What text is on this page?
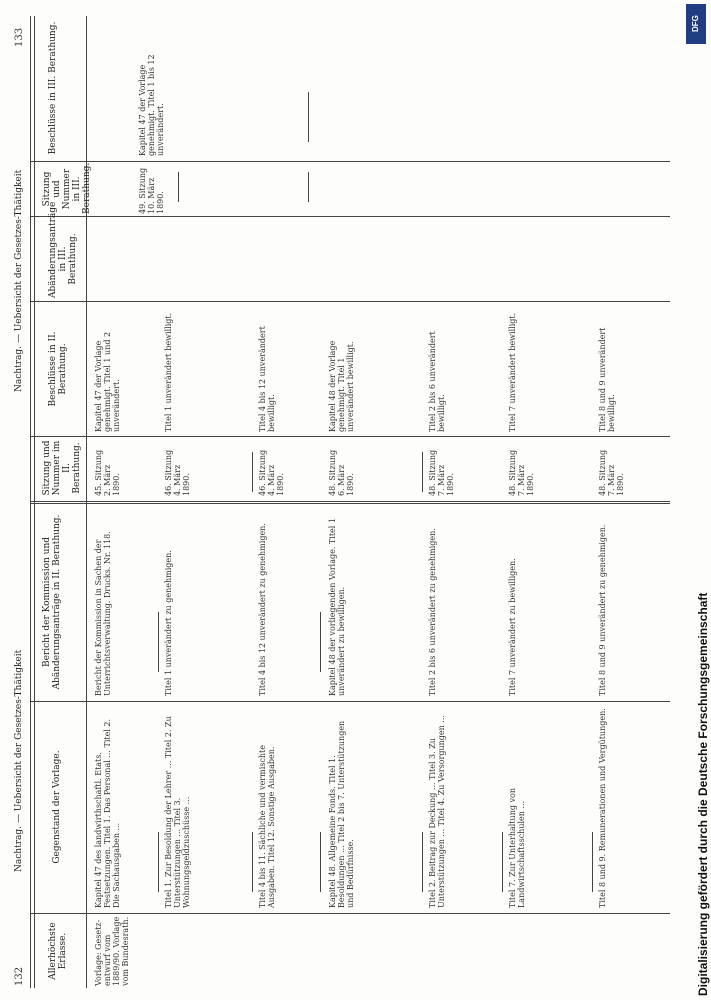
132
133
Nachtrag. — Uebersicht der Gesetzes-Thätigkeit
Nachtrag. — Uebersicht der Gesetzes-Thätigkeit
Allerhöchste Erlasse.
Gegenstand der Vorlage.
Bericht der Kommission und Abänderungsanträge in II. Berathung.
Sitzung und Nummer im II. Berathung.
Beschlüsse in II. Berathung.
Abänderungsanträge in III. Berathung.
Sitzung und Nummer in III. Berathung.
Beschlüsse in III. Berathung.
Vorlage: Gesetzentwurf vom 1889/90. Vorlage vom Bundesrath.
Kapitel 47 des landwirthschaftl. Etats. Festsetzungen. Titel 1. Das Personal ... Titel 2. Die Sachausgaben ...
Bericht der Kommission in Sachen der Unterrichtsverwaltung. Drucks. Nr. 118.
45. Sitzung 2. März 1890.
Kapitel 47 der Vorlage genehmigt. Titel 1 und 2 unverändert.
49. Sitzung 10. März 1890.
Kapitel 47 der Vorlage genehmigt. Titel 1 bis 12 unverändert.
Titel 1. Zur Besoldung der Lehrer ... Titel 2. Zu Unterstützungen ... Titel 3. Wohnungsgeldzuschüsse ...
Titel 1 unverändert zu genehmigen.
46. Sitzung 4. März 1890.
Titel 1 unverändert bewilligt.
Titel 4 bis 11. Sächliche und vermischte Ausgaben. Titel 12. Sonstige Ausgaben.
Titel 4 bis 12 unverändert zu genehmigen.
46. Sitzung 4. März 1890.
Titel 4 bis 12 unverändert bewilligt.
Kapitel 48. Allgemeine Fonds. Titel 1. Besoldungen ... Titel 2 bis 7. Unterstützungen und Bedürfnisse.
Kapitel 48 der vorliegenden Vorlage. Titel 1 unverändert zu bewilligen.
48. Sitzung 6. März 1890.
Kapitel 48 der Vorlage genehmigt. Titel 1 unverändert bewilligt.
Titel 2. Beitrag zur Deckung ... Titel 3. Zu Unterstützungen ... Titel 4. Zu Versorgungen ...
Titel 2 bis 6 unverändert zu genehmigen.
48. Sitzung 7. März 1890.
Titel 2 bis 6 unverändert bewilligt.
Titel 7. Zur Unterhaltung von Landwirtschaftsschulen ...
Titel 7 unverändert zu bewilligen.
48. Sitzung 7. März 1890.
Titel 7 unverändert bewilligt.
Titel 8 und 9. Remunerationen und Vergütungen.
Titel 8 und 9 unverändert zu genehmigen.
48. Sitzung 7. März 1890.
Titel 8 und 9 unverändert bewilligt.
DFG
Digitalisierung gefördert durch die Deutsche Forschungsgemeinschaft
